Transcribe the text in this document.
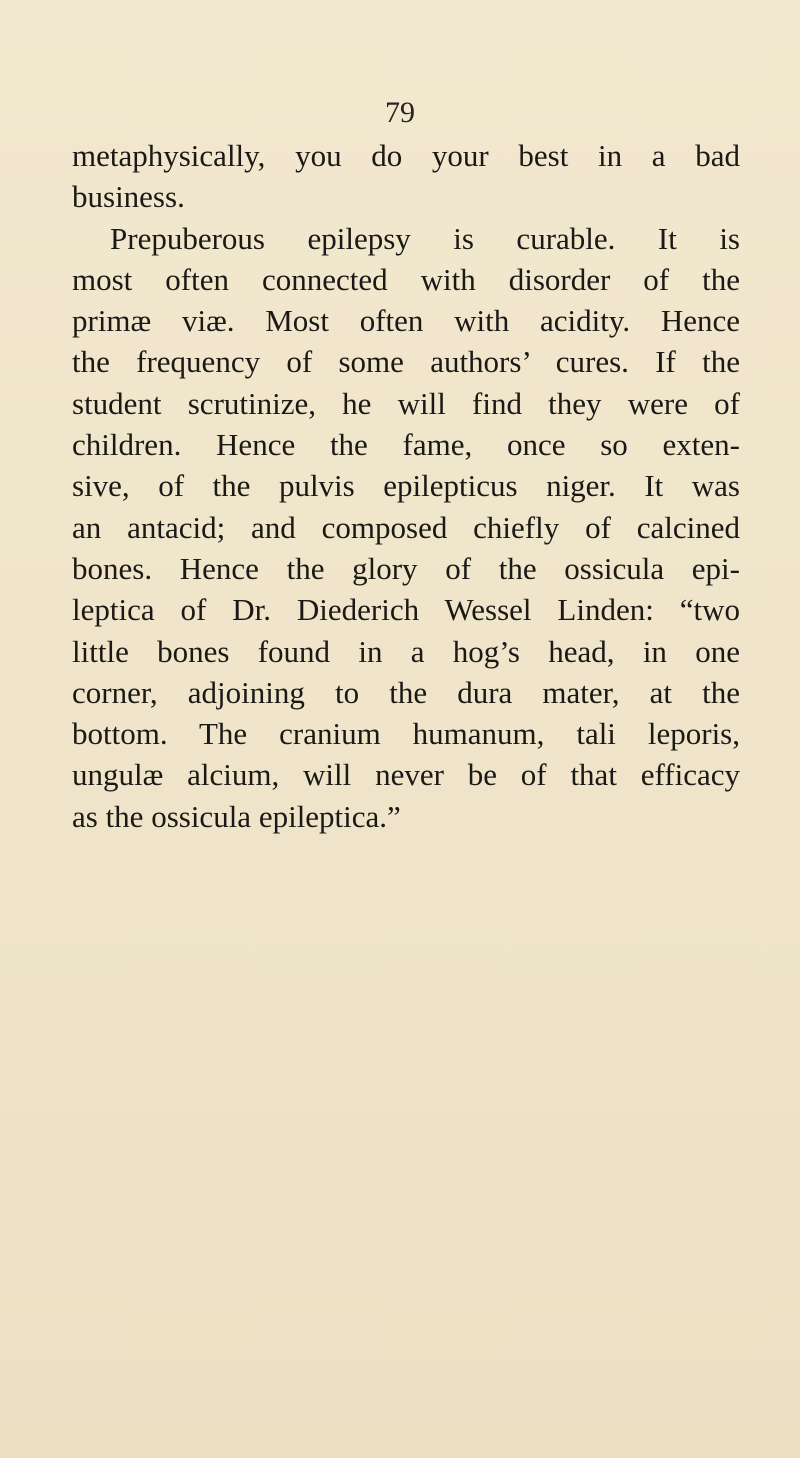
79
metaphysically, you do your best in a bad
business.
Prepuberous epilepsy is curable. It is
most often connected with disorder of the
primæ viæ. Most often with acidity. Hence
the frequency of some authors’ cures. If the
student scrutinize, he will find they were of
children. Hence the fame, once so exten-
sive, of the pulvis epilepticus niger. It was
an antacid; and composed chiefly of calcined
bones. Hence the glory of the ossicula epi-
leptica of Dr. Diederich Wessel Linden: “two
little bones found in a hog’s head, in one
corner, adjoining to the dura mater, at the
bottom. The cranium humanum, tali leporis,
ungulæ alcium, will never be of that efficacy
as the ossicula epileptica.”
